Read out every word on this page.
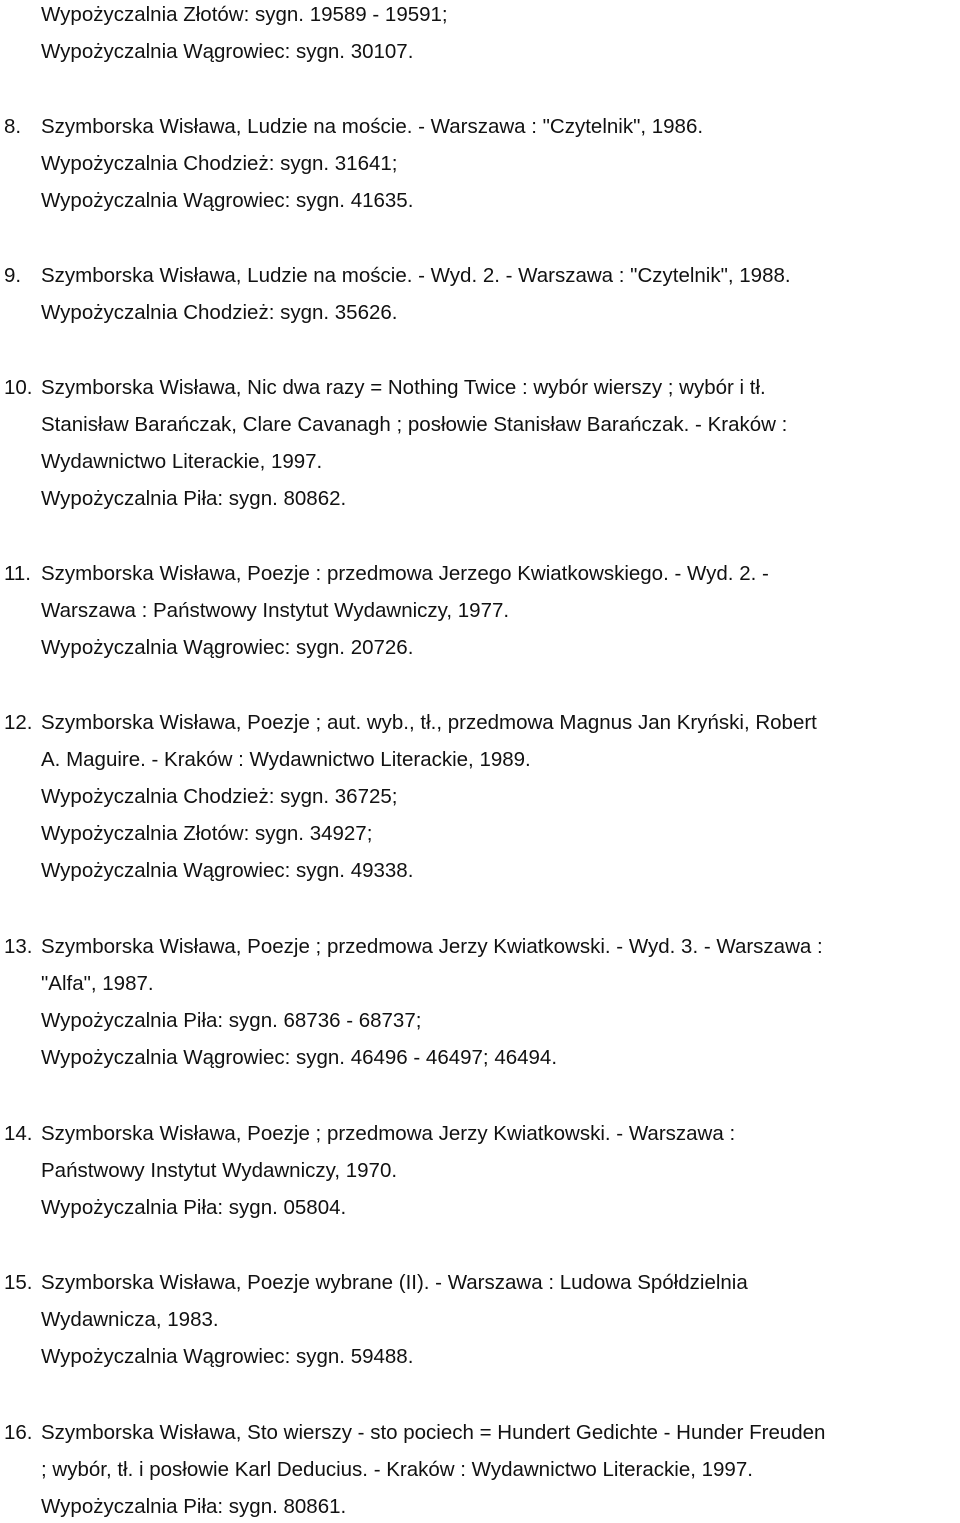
Wypożyczalnia Złotów: sygn. 19589 - 19591;
Wypożyczalnia Wągrowiec: sygn. 30107.
8. Szymborska Wisława, Ludzie na moście. - Warszawa : "Czytelnik", 1986.
Wypożyczalnia Chodzież: sygn. 31641;
Wypożyczalnia Wągrowiec: sygn. 41635.
9. Szymborska Wisława, Ludzie na moście. - Wyd. 2. - Warszawa : "Czytelnik", 1988.
Wypożyczalnia Chodzież: sygn. 35626.
10. Szymborska Wisława, Nic dwa razy = Nothing Twice : wybór wierszy ; wybór i tł.
Stanisław Barańczak, Clare Cavanagh ; posłowie Stanisław Barańczak. - Kraków :
Wydawnictwo Literackie, 1997.
Wypożyczalnia Piła: sygn. 80862.
11. Szymborska Wisława, Poezje : przedmowa Jerzego Kwiatkowskiego. - Wyd. 2. -
Warszawa : Państwowy Instytut Wydawniczy, 1977.
Wypożyczalnia Wągrowiec: sygn. 20726.
12. Szymborska Wisława, Poezje ; aut. wyb., tł., przedmowa Magnus Jan Kryński, Robert
A. Maguire. - Kraków : Wydawnictwo Literackie, 1989.
Wypożyczalnia Chodzież: sygn. 36725;
Wypożyczalnia Złotów: sygn. 34927;
Wypożyczalnia Wągrowiec: sygn. 49338.
13. Szymborska Wisława, Poezje ; przedmowa Jerzy Kwiatkowski. - Wyd. 3. - Warszawa :
"Alfa", 1987.
Wypożyczalnia Piła: sygn. 68736 - 68737;
Wypożyczalnia Wągrowiec: sygn. 46496 - 46497; 46494.
14. Szymborska Wisława, Poezje ; przedmowa Jerzy Kwiatkowski. - Warszawa :
Państwowy Instytut Wydawniczy, 1970.
Wypożyczalnia Piła: sygn. 05804.
15. Szymborska Wisława, Poezje wybrane (II). - Warszawa : Ludowa Spółdzielnia
Wydawnicza, 1983.
Wypożyczalnia Wągrowiec: sygn. 59488.
16. Szymborska Wisława, Sto wierszy - sto pociech = Hundert Gedichte - Hunder Freuden
; wybór, tł. i posłowie Karl Deducius. - Kraków : Wydawnictwo Literackie, 1997.
Wypożyczalnia Piła: sygn. 80861.
